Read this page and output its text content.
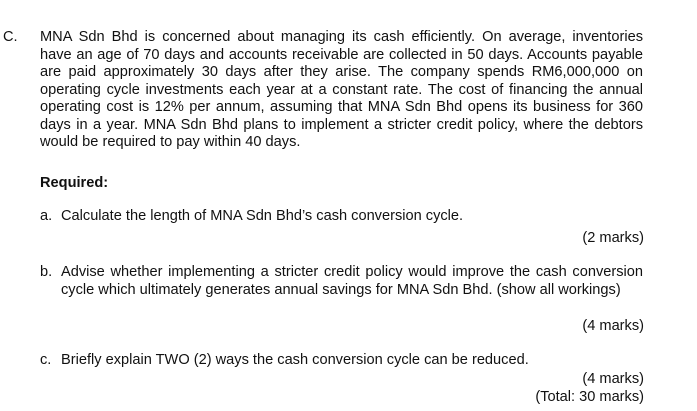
C. MNA Sdn Bhd is concerned about managing its cash efficiently. On average, inventories have an age of 70 days and accounts receivable are collected in 50 days. Accounts payable are paid approximately 30 days after they arise. The company spends RM6,000,000 on operating cycle investments each year at a constant rate. The cost of financing the annual operating cost is 12% per annum, assuming that MNA Sdn Bhd opens its business for 360 days in a year. MNA Sdn Bhd plans to implement a stricter credit policy, where the debtors would be required to pay within 40 days.
Required:
a. Calculate the length of MNA Sdn Bhd’s cash conversion cycle.
(2 marks)
b. Advise whether implementing a stricter credit policy would improve the cash conversion cycle which ultimately generates annual savings for MNA Sdn Bhd. (show all workings)
(4 marks)
c. Briefly explain TWO (2) ways the cash conversion cycle can be reduced.
(4 marks)
(Total: 30 marks)
